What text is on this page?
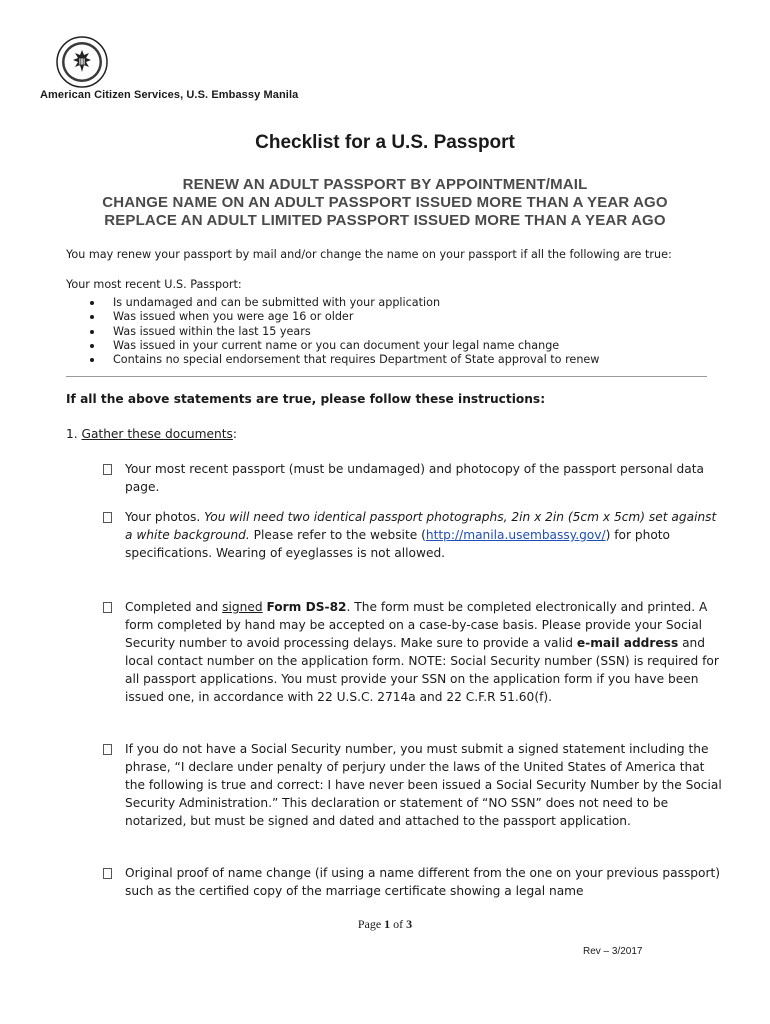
American Citizen Services, U.S. Embassy Manila
Checklist for a U.S. Passport
RENEW AN ADULT PASSPORT BY APPOINTMENT/MAIL
CHANGE NAME ON AN ADULT PASSPORT ISSUED MORE THAN A YEAR AGO
REPLACE AN ADULT LIMITED PASSPORT ISSUED MORE THAN A YEAR AGO
You may renew your passport by mail and/or change the name on your passport if all the following are true:
Your most recent U.S. Passport:
Is undamaged and can be submitted with your application
Was issued when you were age 16 or older
Was issued within the last 15 years
Was issued in your current name or you can document your legal name change
Contains no special endorsement that requires Department of State approval to renew
If all the above statements are true, please follow these instructions:
1. Gather these documents:
Your most recent passport (must be undamaged) and photocopy of the passport personal data page.
Your photos. You will need two identical passport photographs, 2in x 2in (5cm x 5cm) set against a white background. Please refer to the website (http://manila.usembassy.gov/) for photo specifications. Wearing of eyeglasses is not allowed.
Completed and signed Form DS-82. The form must be completed electronically and printed. A form completed by hand may be accepted on a case-by-case basis. Please provide your Social Security number to avoid processing delays. Make sure to provide a valid e-mail address and local contact number on the application form. NOTE: Social Security number (SSN) is required for all passport applications. You must provide your SSN on the application form if you have been issued one, in accordance with 22 U.S.C. 2714a and 22 C.F.R 51.60(f).
If you do not have a Social Security number, you must submit a signed statement including the phrase, “I declare under penalty of perjury under the laws of the United States of America that the following is true and correct: I have never been issued a Social Security Number by the Social Security Administration.” This declaration or statement of “NO SSN” does not need to be notarized, but must be signed and dated and attached to the passport application.
Original proof of name change (if using a name different from the one on your previous passport) such as the certified copy of the marriage certificate showing a legal name
Page 1 of 3
Rev – 3/2017
